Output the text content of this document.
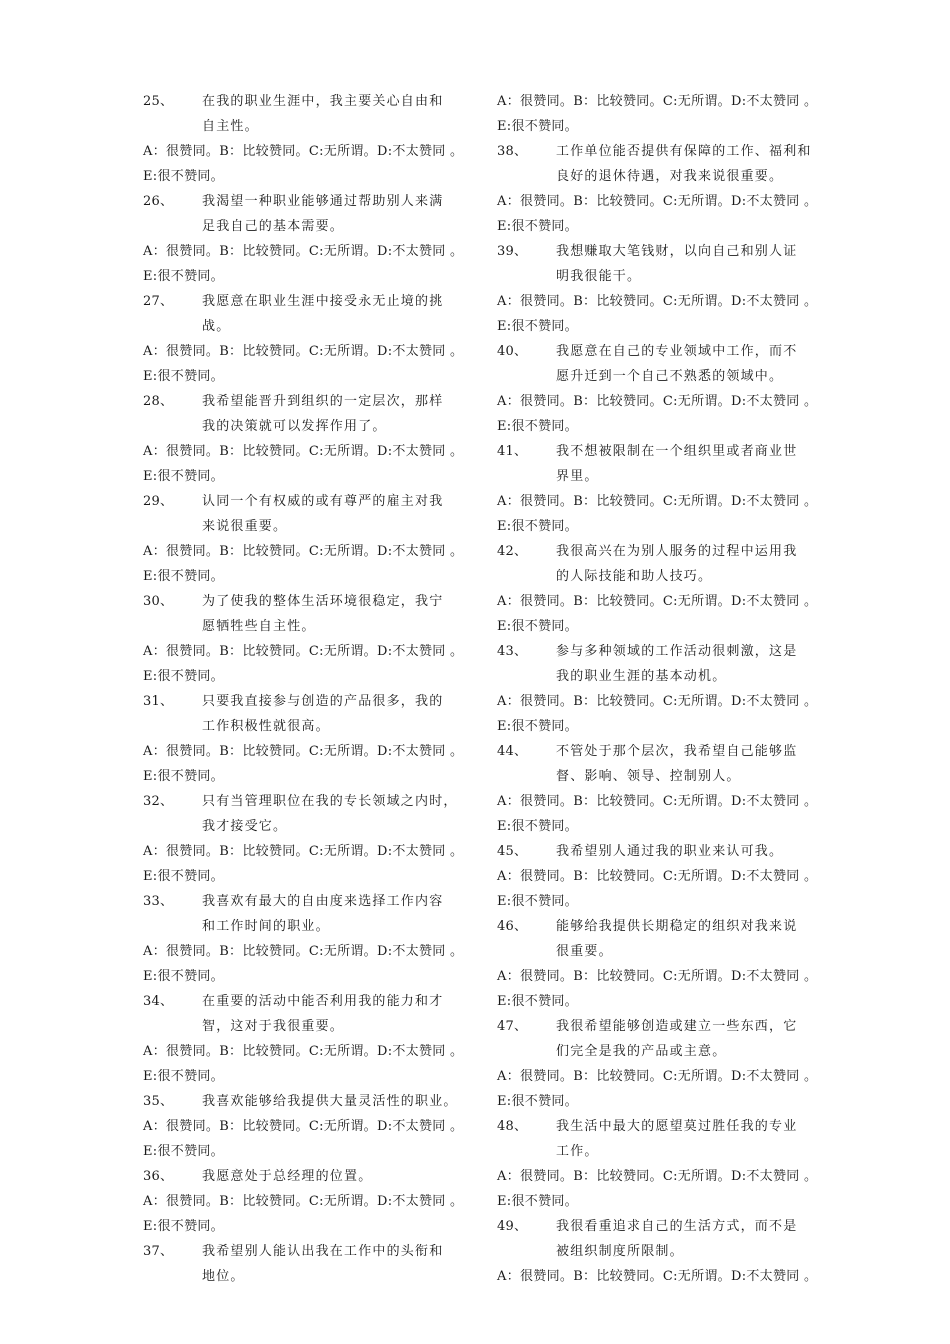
25、 在我的职业生涯中，我主要关心自由和
自主性。
A：很赞同。B：比较赞同。C:无所谓。D:不太赞同 。
E:很不赞同。
26、 我渴望一种职业能够通过帮助别人来满
足我自己的基本需要。
A：很赞同。B：比较赞同。C:无所谓。D:不太赞同 。
E:很不赞同。
27、 我愿意在职业生涯中接受永无止境的挑
战。
A：很赞同。B：比较赞同。C:无所谓。D:不太赞同 。
E:很不赞同。
28、 我希望能晋升到组织的一定层次，那样
我的决策就可以发挥作用了。
A：很赞同。B：比较赞同。C:无所谓。D:不太赞同 。
E:很不赞同。
29、 认同一个有权威的或有尊严的雇主对我
来说很重要。
A：很赞同。B：比较赞同。C:无所谓。D:不太赞同 。
E:很不赞同。
30、 为了使我的整体生活环境很稳定，我宁
愿牺牲些自主性。
A：很赞同。B：比较赞同。C:无所谓。D:不太赞同 。
E:很不赞同。
31、 只要我直接参与创造的产品很多，我的
工作积极性就很高。
A：很赞同。B：比较赞同。C:无所谓。D:不太赞同 。
E:很不赞同。
32、 只有当管理职位在我的专长领域之内时，
我才接受它。
A：很赞同。B：比较赞同。C:无所谓。D:不太赞同 。
E:很不赞同。
33、 我喜欢有最大的自由度来选择工作内容
和工作时间的职业。
A：很赞同。B：比较赞同。C:无所谓。D:不太赞同 。
E:很不赞同。
34、 在重要的活动中能否利用我的能力和才
智，这对于我很重要。
A：很赞同。B：比较赞同。C:无所谓。D:不太赞同 。
E:很不赞同。
35、 我喜欢能够给我提供大量灵活性的职业。
A：很赞同。B：比较赞同。C:无所谓。D:不太赞同 。
E:很不赞同。
36、 我愿意处于总经理的位置。
A：很赞同。B：比较赞同。C:无所谓。D:不太赞同 。
E:很不赞同。
37、 我希望别人能认出我在工作中的头衔和
地位。
A：很赞同。B：比较赞同。C:无所谓。D:不太赞同 。
E:很不赞同。
38、 工作单位能否提供有保障的工作、福利和
良好的退休待遇，对我来说很重要。
A：很赞同。B：比较赞同。C:无所谓。D:不太赞同 。
E:很不赞同。
39、 我想赚取大笔钱财，以向自己和别人证
明我很能干。
A：很赞同。B：比较赞同。C:无所谓。D:不太赞同 。
E:很不赞同。
40、 我愿意在自己的专业领域中工作，而不
愿升迁到一个自己不熟悉的领域中。
A：很赞同。B：比较赞同。C:无所谓。D:不太赞同 。
E:很不赞同。
41、 我不想被限制在一个组织里或者商业世
界里。
A：很赞同。B：比较赞同。C:无所谓。D:不太赞同 。
E:很不赞同。
42、 我很高兴在为别人服务的过程中运用我
的人际技能和助人技巧。
A：很赞同。B：比较赞同。C:无所谓。D:不太赞同 。
E:很不赞同。
43、 参与多种领域的工作活动很刺激，这是
我的职业生涯的基本动机。
A：很赞同。B：比较赞同。C:无所谓。D:不太赞同 。
E:很不赞同。
44、 不管处于那个层次，我希望自己能够监
督、影响、领导、控制别人。
A：很赞同。B：比较赞同。C:无所谓。D:不太赞同 。
E:很不赞同。
45、 我希望别人通过我的职业来认可我。
A：很赞同。B：比较赞同。C:无所谓。D:不太赞同 。
E:很不赞同。
46、 能够给我提供长期稳定的组织对我来说
很重要。
A：很赞同。B：比较赞同。C:无所谓。D:不太赞同 。
E:很不赞同。
47、 我很希望能够创造或建立一些东西，它
们完全是我的产品或主意。
A：很赞同。B：比较赞同。C:无所谓。D:不太赞同 。
E:很不赞同。
48、 我生活中最大的愿望莫过胜任我的专业
工作。
A：很赞同。B：比较赞同。C:无所谓。D:不太赞同 。
E:很不赞同。
49、 我很看重追求自己的生活方式，而不是
被组织制度所限制。
A：很赞同。B：比较赞同。C:无所谓。D:不太赞同 。
